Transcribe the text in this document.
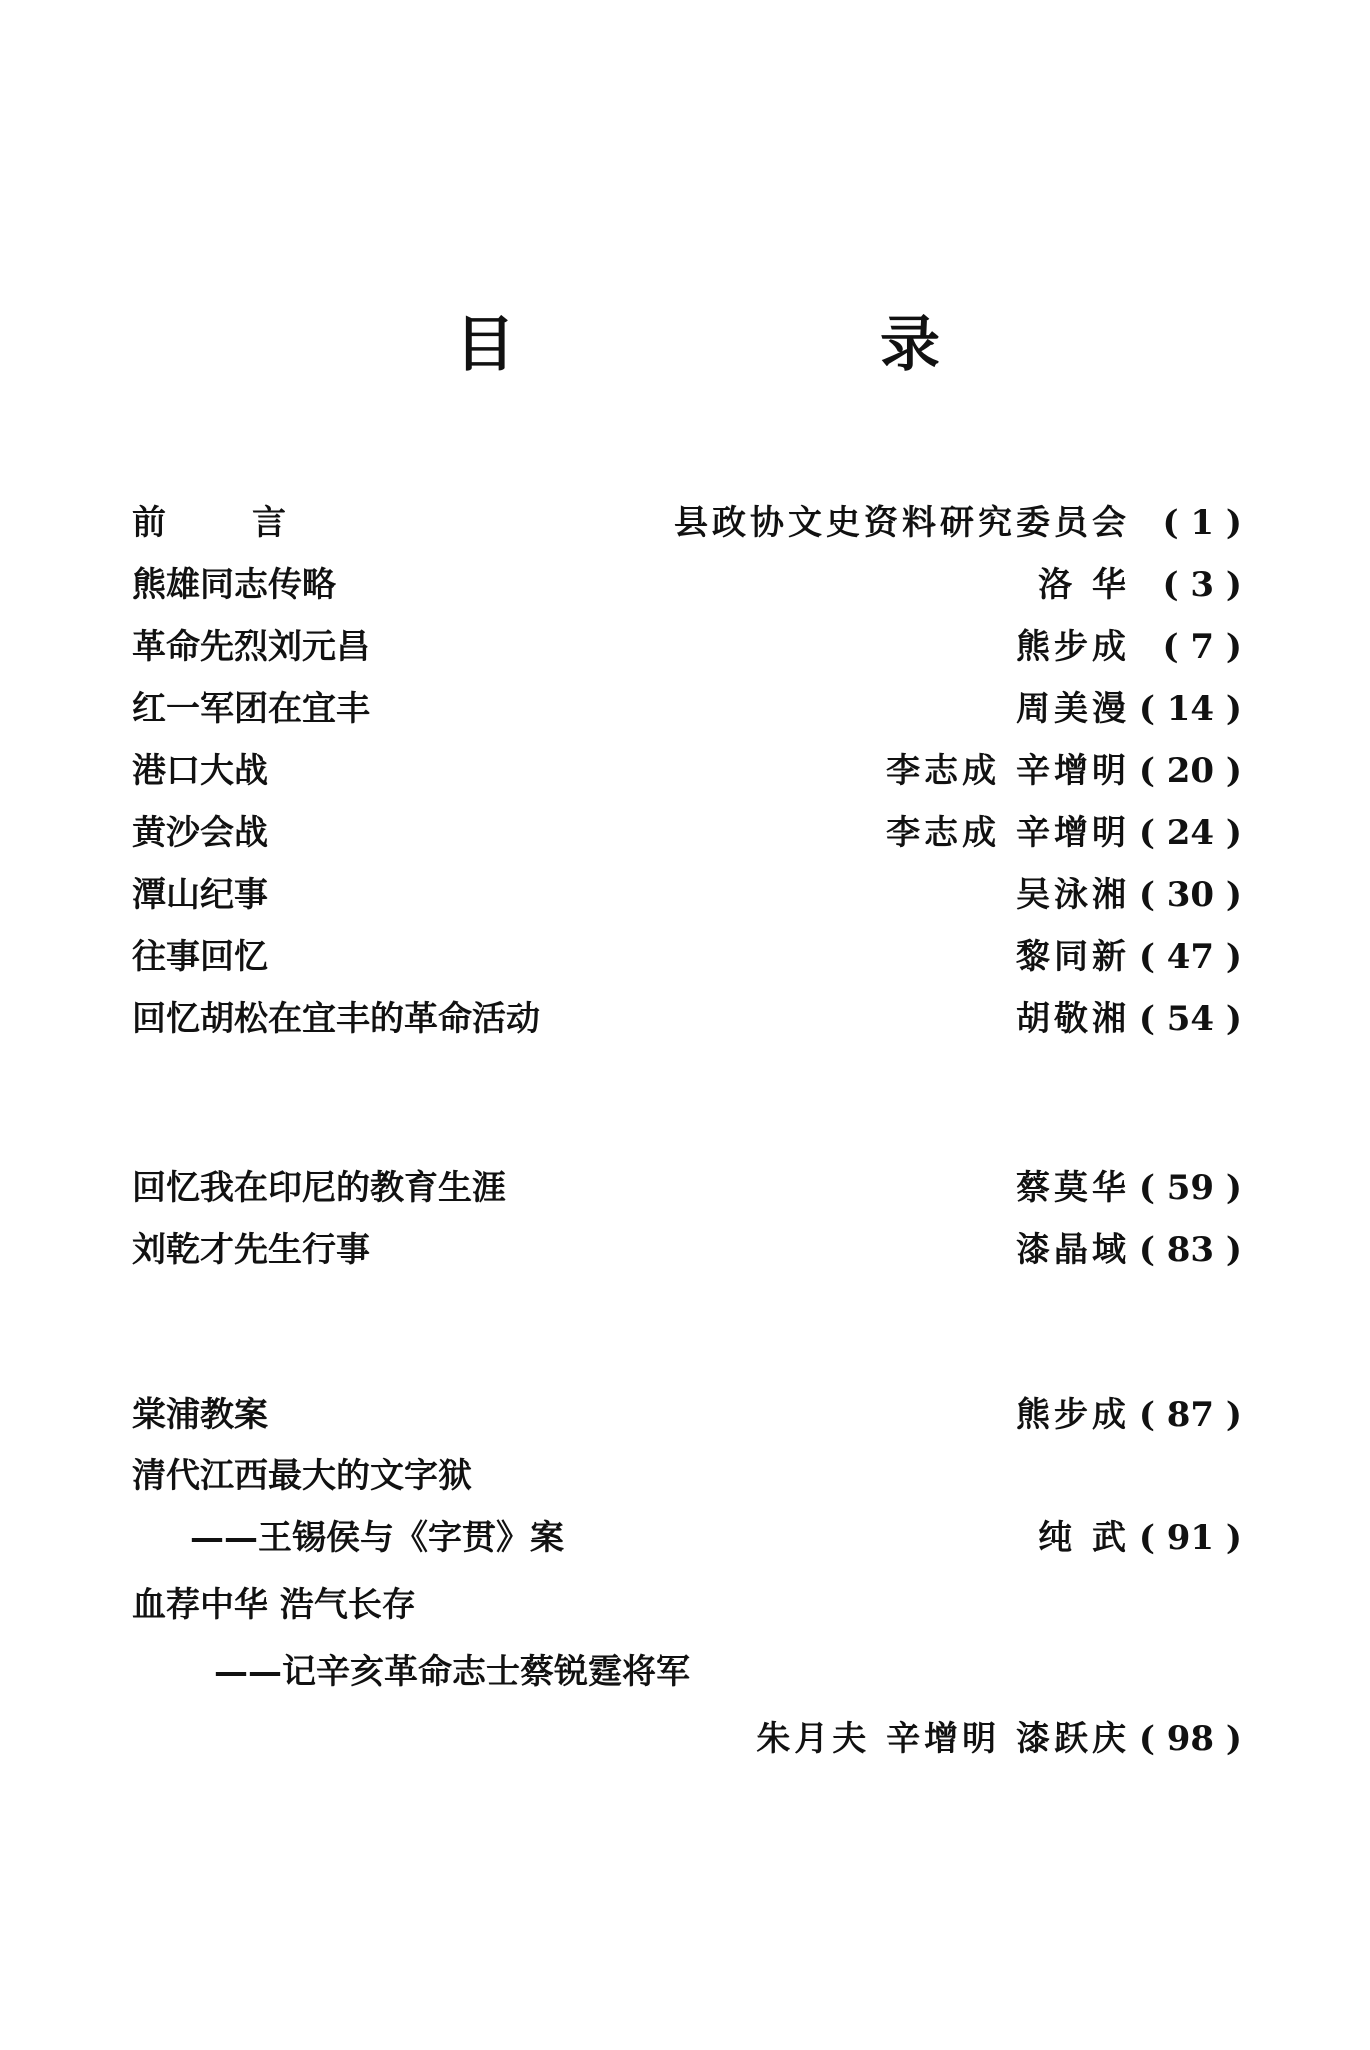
目	录
前言	县政协文史资料研究委员会 ( 1 )
熊雄同志传略	洛 华 ( 3 )
革命先烈刘元昌	熊步成 ( 7 )
红一军团在宜丰	周美漫 ( 14 )
港口大战	李志成 辛增明 ( 20 )
黄沙会战	李志成 辛增明 ( 24 )
潭山纪事	吴泳湘 ( 30 )
往事回忆	黎同新 ( 47 )
回忆胡松在宜丰的革命活动	胡敬湘 ( 54 )
回忆我在印尼的教育生涯	蔡莫华 ( 59 )
刘乾才先生行事	漆晶域 ( 83 )
棠浦教案	熊步成 ( 87 )
清代江西最大的文字狱
——王锡侯与《字贯》案	纯 武 ( 91 )
血荐中华 浩气长存
——记辛亥革命志士蔡锐霆将军
朱月夫 辛增明 漆跃庆 ( 98 )
